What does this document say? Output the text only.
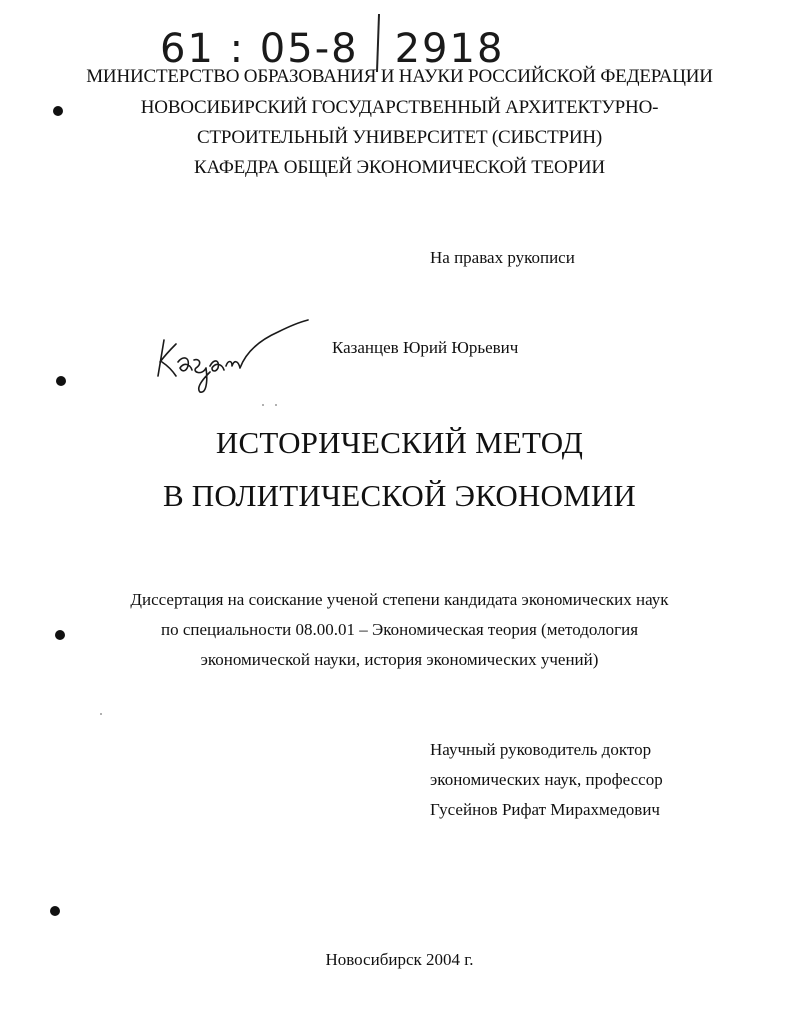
61 : 05-8 2918
МИНИСТЕРСТВО ОБРАЗОВАНИЯ И НАУКИ РОССИЙСКОЙ ФЕДЕРАЦИИ
НОВОСИБИРСКИЙ ГОСУДАРСТВЕННЫЙ АРХИТЕКТУРНО-
СТРОИТЕЛЬНЫЙ УНИВЕРСИТЕТ (СИБСТРИН)
КАФЕДРА ОБЩЕЙ ЭКОНОМИЧЕСКОЙ ТЕОРИИ
На правах рукописи
Казанцев Юрий Юрьевич
ИСТОРИЧЕСКИЙ МЕТОД
В ПОЛИТИЧЕСКОЙ ЭКОНОМИИ
Диссертация на соискание ученой степени кандидата экономических наук
по специальности 08.00.01 – Экономическая теория (методология
экономической науки, история экономических учений)
Научный руководитель доктор
экономических наук, профессор
Гусейнов Рифат Мирахмедович
Новосибирск 2004 г.
